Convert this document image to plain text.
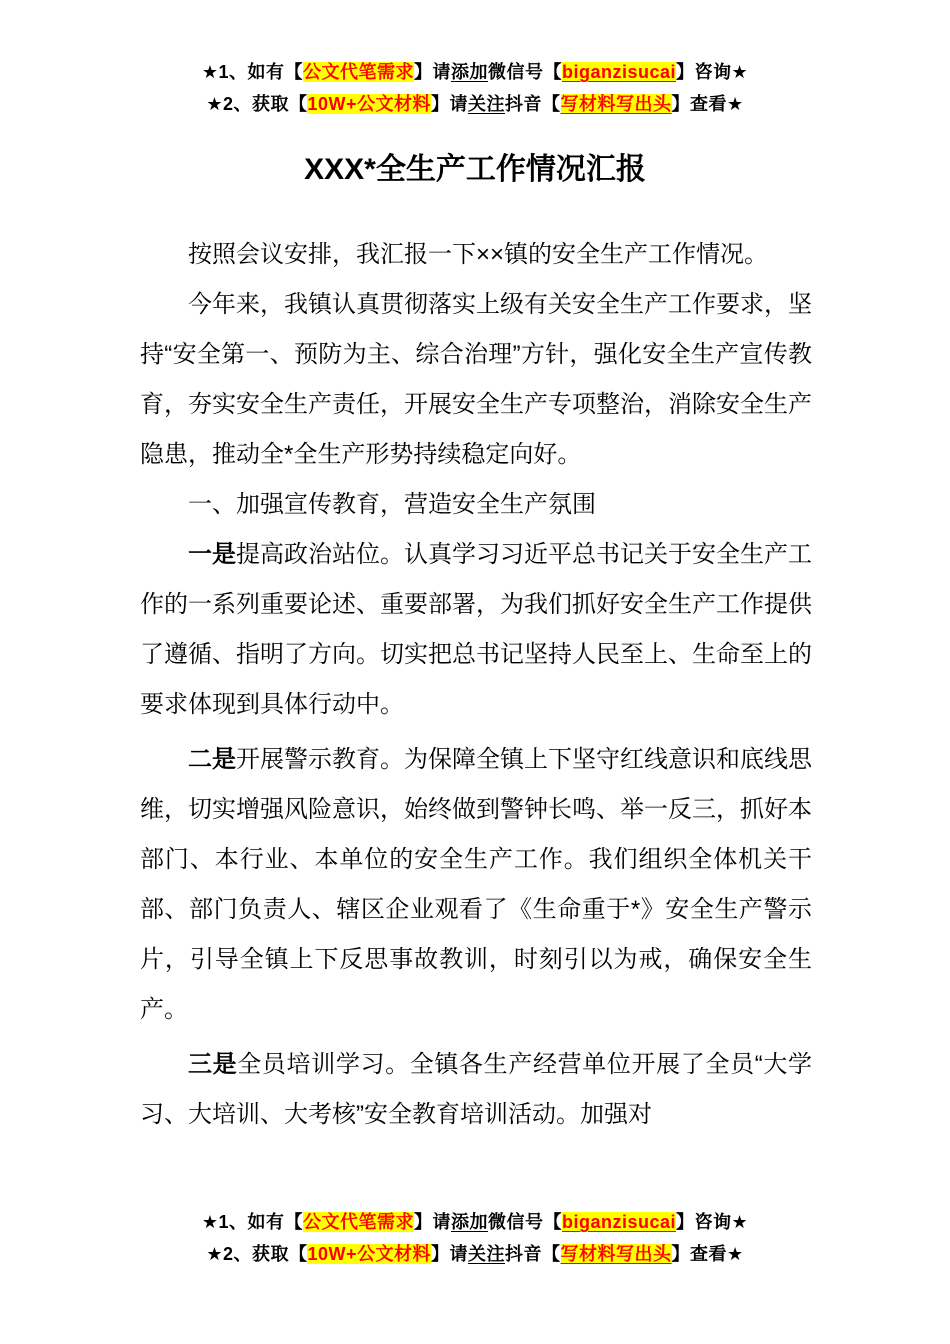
★1、如有【公文代笔需求】请添加微信号【biganzisucai】咨询★
★2、获取【10W+公文材料】请关注抖音【写材料写出头】查看★
XXX*全生产工作情况汇报

按照会议安排，我汇报一下××镇的安全生产工作情况。

今年来，我镇认真贯彻落实上级有关安全生产工作要求，坚持“安全第一、预防为主、综合治理”方针，强化安全生产宣传教育，夯实安全生产责任，开展安全生产专项整治，消除安全生产隐患，推动全*全生产形势持续稳定向好。

一、加强宣传教育，营造安全生产氛围

一是提高政治站位。认真学习习近平总书记关于安全生产工作的一系列重要论述、重要部署，为我们抓好安全生产工作提供了遵循、指明了方向。切实把总书记坚持人民至上、生命至上的要求体现到具体行动中。

二是开展警示教育。为保障全镇上下坚守红线意识和底线思维，切实增强风险意识，始终做到警钟长鸣、举一反三，抓好本部门、本行业、本单位的安全生产工作。我们组织全体机关干部、部门负责人、辖区企业观看了《生命重于*》安全生产警示片，引导全镇上下反思事故教训，时刻引以为戒，确保安全生产。

三是全员培训学习。全镇各生产经营单位开展了全员“大学习、大培训、大考核”安全教育培训活动。加强对

★1、如有【公文代笔需求】请添加微信号【biganzisucai】咨询★
★2、获取【10W+公文材料】请关注抖音【写材料写出头】查看★
